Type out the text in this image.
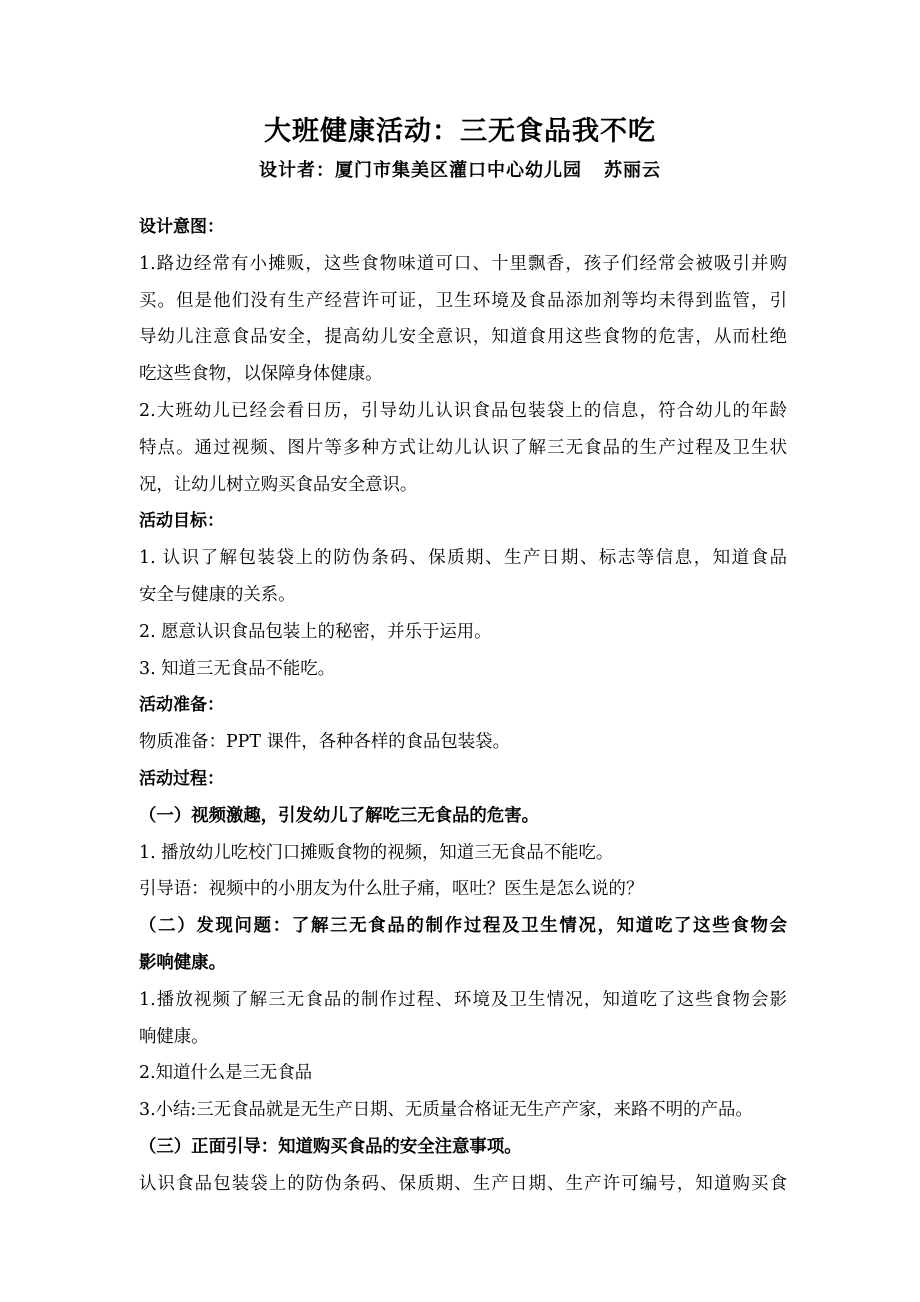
大班健康活动：三无食品我不吃
设计者：厦门市集美区灌口中心幼儿园 苏丽云
设计意图：
1.路边经常有小摊贩，这些食物味道可口、十里飘香，孩子们经常会被吸引并购
买。但是他们没有生产经营许可证，卫生环境及食品添加剂等均未得到监管，引
导幼儿注意食品安全，提高幼儿安全意识，知道食用这些食物的危害，从而杜绝
吃这些食物，以保障身体健康。
2.大班幼儿已经会看日历，引导幼儿认识食品包装袋上的信息，符合幼儿的年龄
特点。通过视频、图片等多种方式让幼儿认识了解三无食品的生产过程及卫生状
况，让幼儿树立购买食品安全意识。
活动目标：
1. 认识了解包装袋上的防伪条码、保质期、生产日期、标志等信息，知道食品
安全与健康的关系。
2. 愿意认识食品包装上的秘密，并乐于运用。
3. 知道三无食品不能吃。
活动准备：
物质准备：PPT 课件，各种各样的食品包装袋。
活动过程：
（一）视频激趣，引发幼儿了解吃三无食品的危害。
1. 播放幼儿吃校门口摊贩食物的视频，知道三无食品不能吃。
引导语：视频中的小朋友为什么肚子痛，呕吐？医生是怎么说的？
（二）发现问题：了解三无食品的制作过程及卫生情况，知道吃了这些食物会
影响健康。
1.播放视频了解三无食品的制作过程、环境及卫生情况，知道吃了这些食物会影
响健康。
2.知道什么是三无食品
3.小结:三无食品就是无生产日期、无质量合格证无生产产家，来路不明的产品。
（三）正面引导：知道购买食品的安全注意事项。
认识食品包装袋上的防伪条码、保质期、生产日期、生产许可编号，知道购买食
